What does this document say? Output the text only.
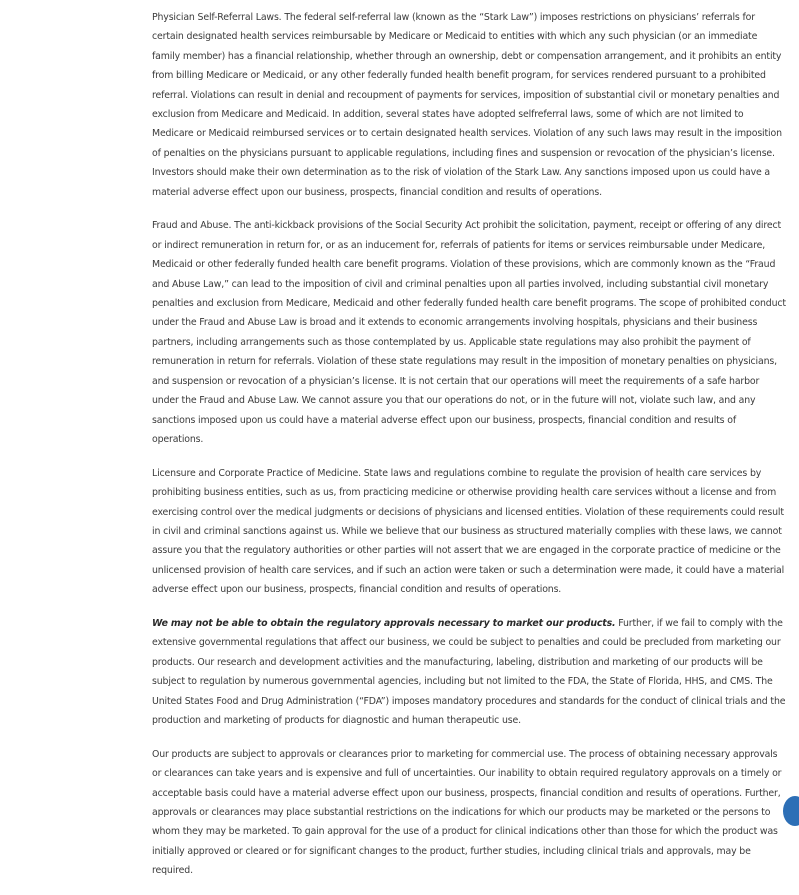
Physician Self-Referral Laws. The federal self-referral law (known as the “Stark Law”) imposes restrictions on physicians’ referrals for certain designated health services reimbursable by Medicare or Medicaid to entities with which any such physician (or an immediate family member) has a financial relationship, whether through an ownership, debt or compensation arrangement, and it prohibits an entity from billing Medicare or Medicaid, or any other federally funded health benefit program, for services rendered pursuant to a prohibited referral. Violations can result in denial and recoupment of payments for services, imposition of substantial civil or monetary penalties and exclusion from Medicare and Medicaid. In addition, several states have adopted selfreferral laws, some of which are not limited to Medicare or Medicaid reimbursed services or to certain designated health services. Violation of any such laws may result in the imposition of penalties on the physicians pursuant to applicable regulations, including fines and suspension or revocation of the physician’s license. Investors should make their own determination as to the risk of violation of the Stark Law. Any sanctions imposed upon us could have a material adverse effect upon our business, prospects, financial condition and results of operations.

Fraud and Abuse. The anti-kickback provisions of the Social Security Act prohibit the solicitation, payment, receipt or offering of any direct or indirect remuneration in return for, or as an inducement for, referrals of patients for items or services reimbursable under Medicare, Medicaid or other federally funded health care benefit programs. Violation of these provisions, which are commonly known as the “Fraud and Abuse Law,” can lead to the imposition of civil and criminal penalties upon all parties involved, including substantial civil monetary penalties and exclusion from Medicare, Medicaid and other federally funded health care benefit programs. The scope of prohibited conduct under the Fraud and Abuse Law is broad and it extends to economic arrangements involving hospitals, physicians and their business partners, including arrangements such as those contemplated by us. Applicable state regulations may also prohibit the payment of remuneration in return for referrals. Violation of these state regulations may result in the imposition of monetary penalties on physicians, and suspension or revocation of a physician’s license. It is not certain that our operations will meet the requirements of a safe harbor under the Fraud and Abuse Law. We cannot assure you that our operations do not, or in the future will not, violate such law, and any sanctions imposed upon us could have a material adverse effect upon our business, prospects, financial condition and results of operations.

Licensure and Corporate Practice of Medicine. State laws and regulations combine to regulate the provision of health care services by prohibiting business entities, such as us, from practicing medicine or otherwise providing health care services without a license and from exercising control over the medical judgments or decisions of physicians and licensed entities. Violation of these requirements could result in civil and criminal sanctions against us. While we believe that our business as structured materially complies with these laws, we cannot assure you that the regulatory authorities or other parties will not assert that we are engaged in the corporate practice of medicine or the unlicensed provision of health care services, and if such an action were taken or such a determination were made, it could have a material adverse effect upon our business, prospects, financial condition and results of operations.

We may not be able to obtain the regulatory approvals necessary to market our products. Further, if we fail to comply with the extensive governmental regulations that affect our business, we could be subject to penalties and could be precluded from marketing our products. Our research and development activities and the manufacturing, labeling, distribution and marketing of our products will be subject to regulation by numerous governmental agencies, including but not limited to the FDA, the State of Florida, HHS, and CMS. The United States Food and Drug Administration (“FDA”) imposes mandatory procedures and standards for the conduct of clinical trials and the production and marketing of products for diagnostic and human therapeutic use.

Our products are subject to approvals or clearances prior to marketing for commercial use. The process of obtaining necessary approvals or clearances can take years and is expensive and full of uncertainties. Our inability to obtain required regulatory approvals on a timely or acceptable basis could have a material adverse effect upon our business, prospects, financial condition and results of operations. Further, approvals or clearances may place substantial restrictions on the indications for which our products may be marketed or the persons to whom they may be marketed. To gain approval for the use of a product for clinical indications other than those for which the product was initially approved or cleared or for significant changes to the product, further studies, including clinical trials and approvals, may be required.
